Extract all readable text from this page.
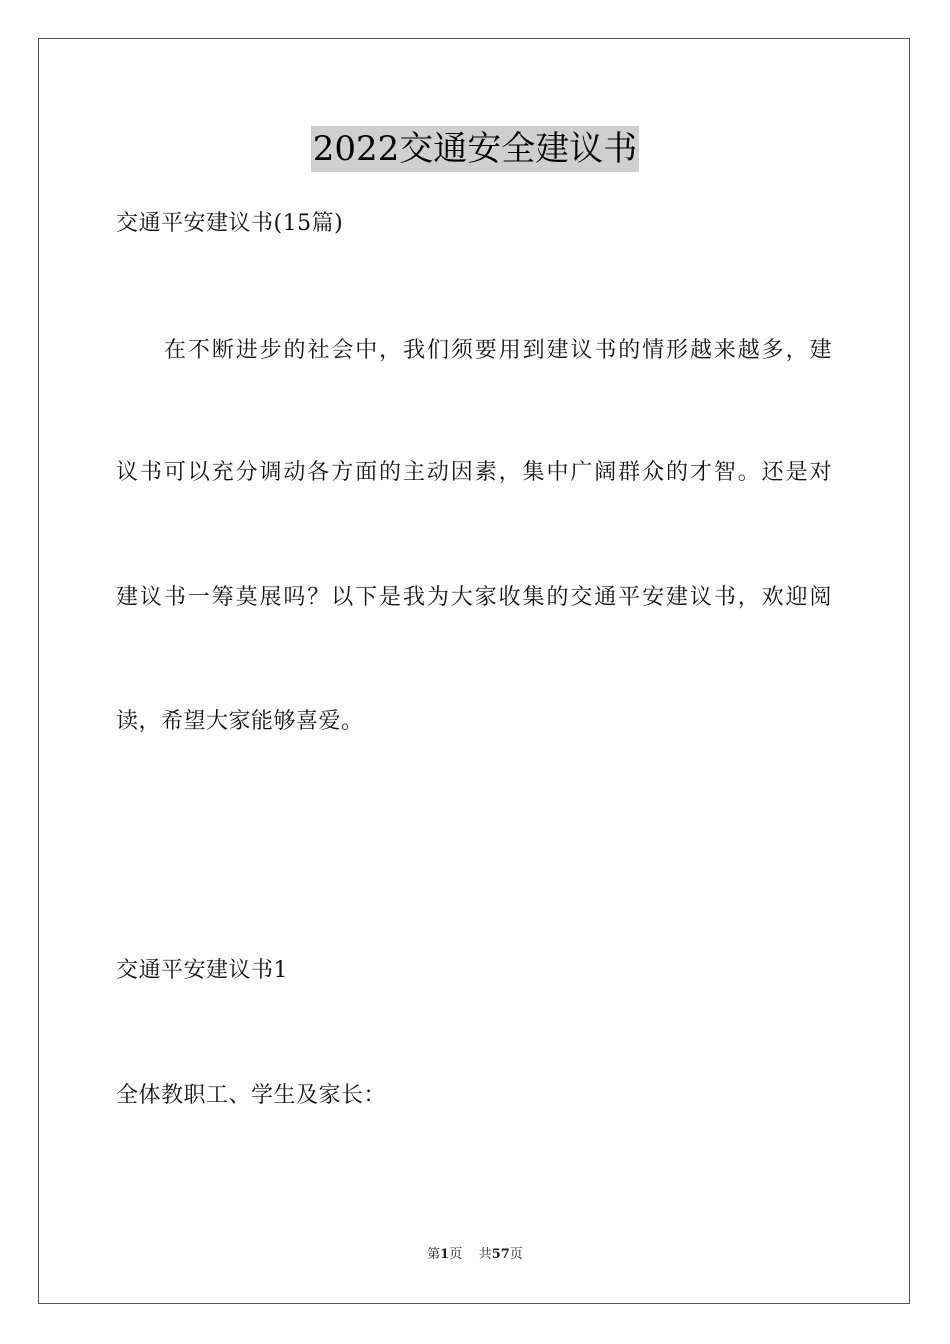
2022交通安全建议书
交通平安建议书(15篇)
在不断进步的社会中，我们须要用到建议书的情形越来越多，建
议书可以充分调动各方面的主动因素，集中广阔群众的才智。还是对
建议书一筹莫展吗？以下是我为大家收集的交通平安建议书，欢迎阅
读，希望大家能够喜爱。
交通平安建议书1
全体教职工、学生及家长：
第1页 共57页
